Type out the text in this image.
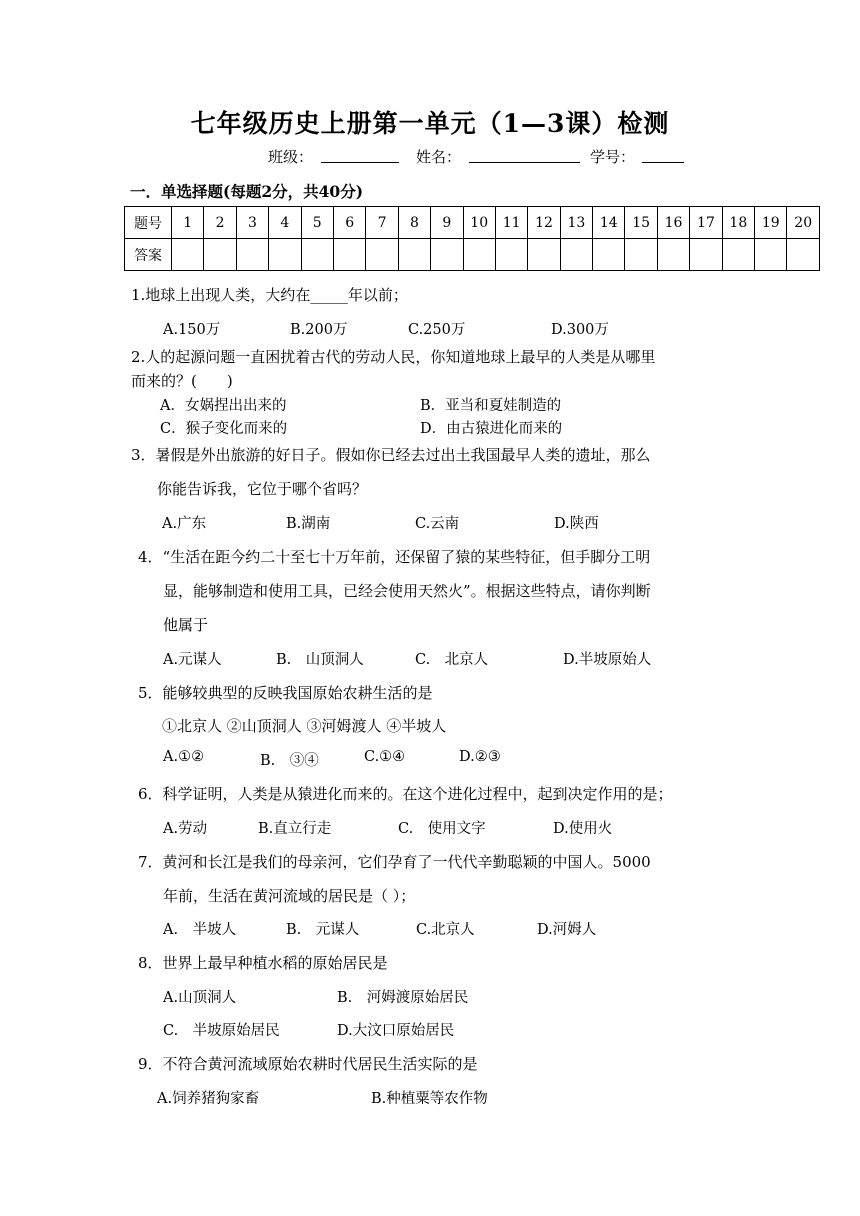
七年级历史上册第一单元（1—3课）检测
班级：	姓名：	学号：
一．单选择题(每题2分，共40分)
题号	1	2	3	4	5	6	7	8	9	10	11	12	13	14	15	16	17	18	19	20
答案																				
1.地球上出现人类，大约在_____年以前；
A.150万	B.200万	C.250万	D.300万
2.人的起源问题一直困扰着古代的劳动人民，你知道地球上最早的人类是从哪里
而来的？(　　)
A．女娲捏出出来的	B．亚当和夏娃制造的
C．猴子变化而来的	D．由古猿进化而来的
3．暑假是外出旅游的好日子。假如你已经去过出土我国最早人类的遗址，那么
你能告诉我，它位于哪个省吗？
A.广东	B.湖南	C.云南	D.陕西
4．“生活在距今约二十至七十万年前，还保留了猿的某些特征，但手脚分工明
显，能够制造和使用工具，已经会使用天然火”。根据这些特点，请你判断
他属于
A.元谋人	B.　山顶洞人	C.　北京人	D.半坡原始人
5．能够较典型的反映我国原始农耕生活的是
①北京人 ②山顶洞人 ③河姆渡人 ④半坡人
A.①②	B.　③④	C.①④	D.②③
6．科学证明，人类是从猿进化而来的。在这个进化过程中，起到决定作用的是；
A.劳动	B.直立行走	C.　使用文字	D.使用火
7．黄河和长江是我们的母亲河，它们孕育了一代代辛勤聪颖的中国人。5000
年前，生活在黄河流域的居民是（ ）；
A.　半坡人	B.　元谋人	C.北京人	D.河姆人
8．世界上最早种植水稻的原始居民是
A.山顶洞人	B.　河姆渡原始居民
C.　半坡原始居民	D.大汶口原始居民
9．不符合黄河流域原始农耕时代居民生活实际的是
A.饲养猪狗家畜	B.种植粟等农作物
